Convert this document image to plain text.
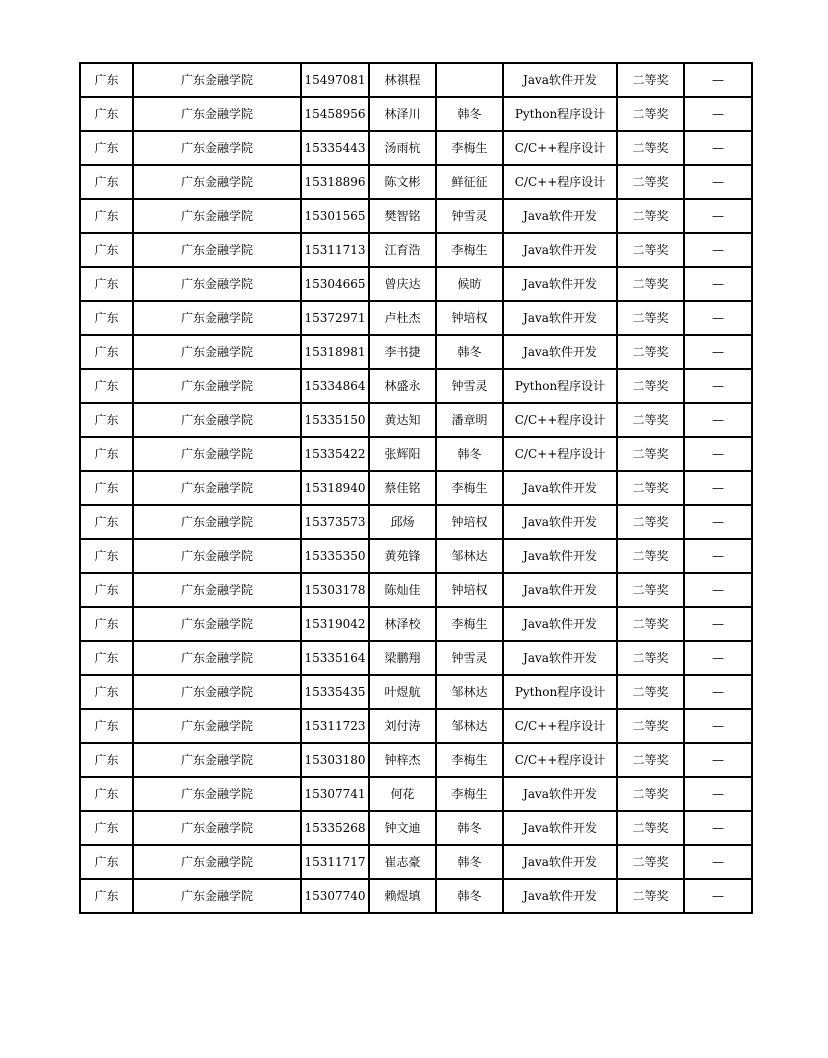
广东	广东金融学院	15497081	林祺程		Java软件开发	二等奖	—
广东	广东金融学院	15458956	林泽川	韩冬	Python程序设计	二等奖	—
广东	广东金融学院	15335443	汤雨杭	李梅生	C/C++程序设计	二等奖	—
广东	广东金融学院	15318896	陈文彬	鲜征征	C/C++程序设计	二等奖	—
广东	广东金融学院	15301565	樊智铭	钟雪灵	Java软件开发	二等奖	—
广东	广东金融学院	15311713	江育浩	李梅生	Java软件开发	二等奖	—
广东	广东金融学院	15304665	曾庆达	候昉	Java软件开发	二等奖	—
广东	广东金融学院	15372971	卢杜杰	钟培权	Java软件开发	二等奖	—
广东	广东金融学院	15318981	李书捷	韩冬	Java软件开发	二等奖	—
广东	广东金融学院	15334864	林盛永	钟雪灵	Python程序设计	二等奖	—
广东	广东金融学院	15335150	黄达知	潘章明	C/C++程序设计	二等奖	—
广东	广东金融学院	15335422	张辉阳	韩冬	C/C++程序设计	二等奖	—
广东	广东金融学院	15318940	蔡佳铭	李梅生	Java软件开发	二等奖	—
广东	广东金融学院	15373573	邱炀	钟培权	Java软件开发	二等奖	—
广东	广东金融学院	15335350	黄苑锋	邹林达	Java软件开发	二等奖	—
广东	广东金融学院	15303178	陈灿佳	钟培权	Java软件开发	二等奖	—
广东	广东金融学院	15319042	林泽校	李梅生	Java软件开发	二等奖	—
广东	广东金融学院	15335164	梁鹏翔	钟雪灵	Java软件开发	二等奖	—
广东	广东金融学院	15335435	叶煜航	邹林达	Python程序设计	二等奖	—
广东	广东金融学院	15311723	刘付涛	邹林达	C/C++程序设计	二等奖	—
广东	广东金融学院	15303180	钟梓杰	李梅生	C/C++程序设计	二等奖	—
广东	广东金融学院	15307741	何花	李梅生	Java软件开发	二等奖	—
广东	广东金融学院	15335268	钟文迪	韩冬	Java软件开发	二等奖	—
广东	广东金融学院	15311717	崔志豪	韩冬	Java软件开发	二等奖	—
广东	广东金融学院	15307740	赖煜填	韩冬	Java软件开发	二等奖	—
